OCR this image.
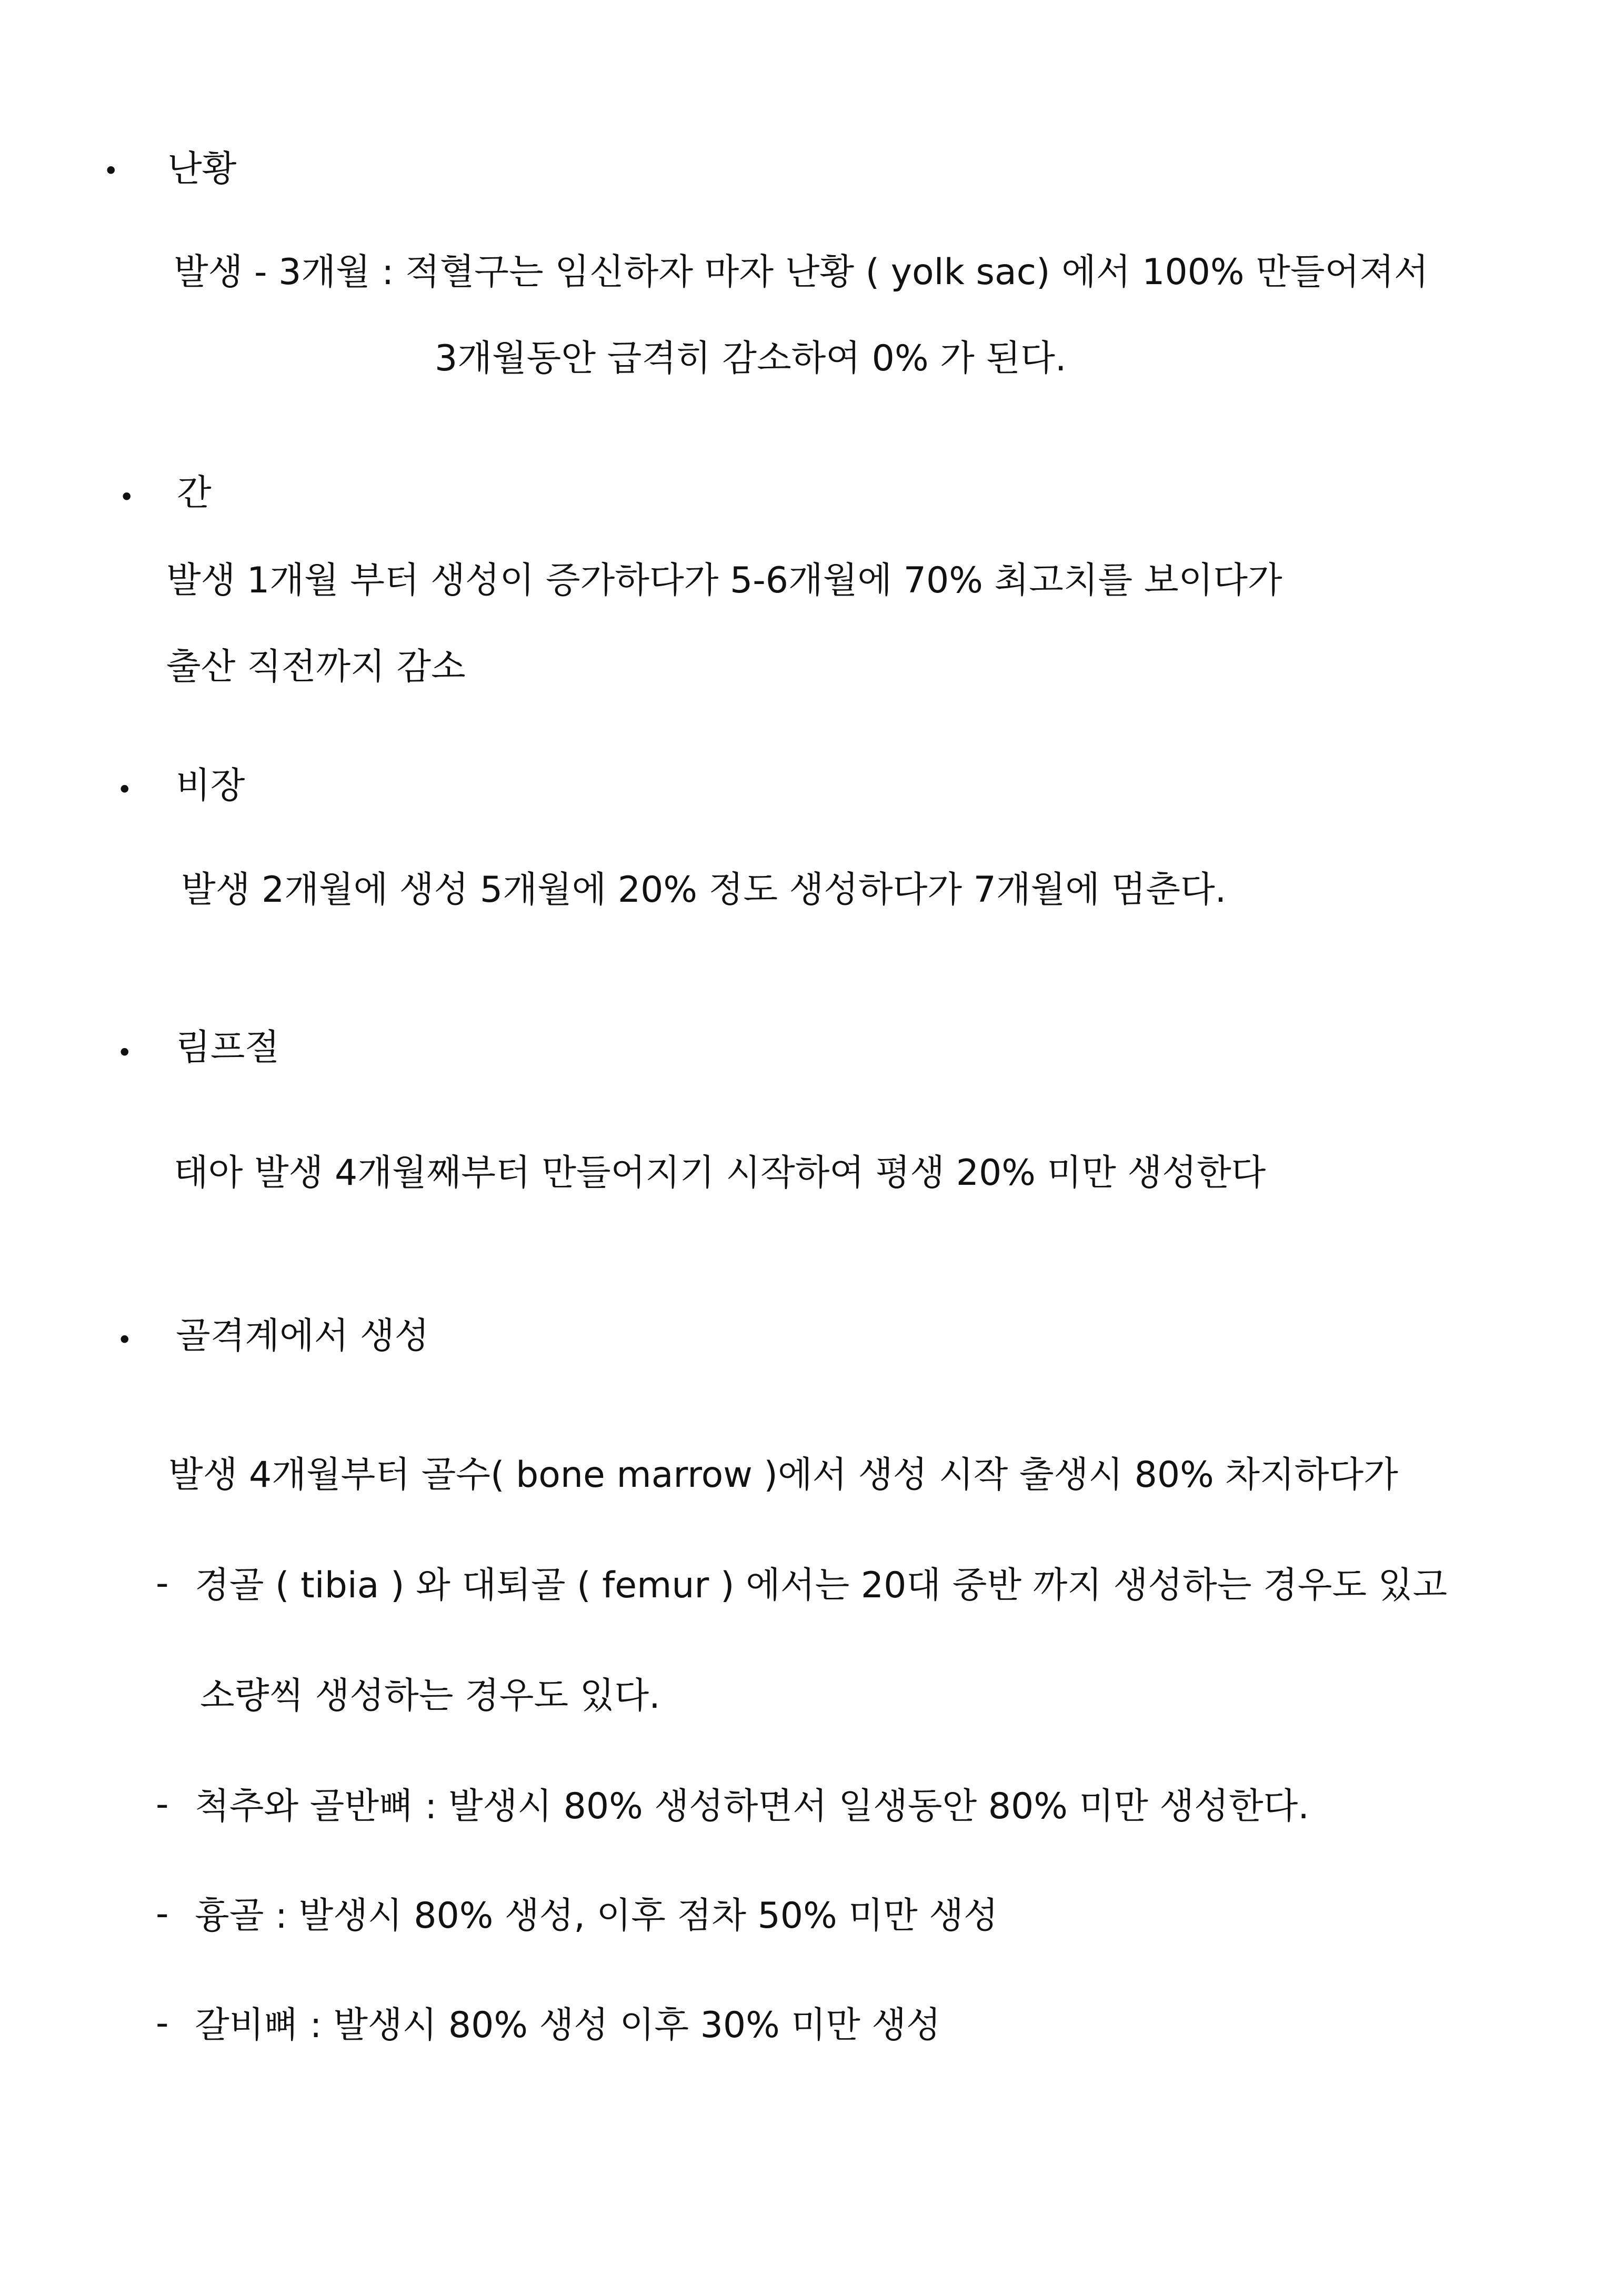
• 난황
발생 - 3개월 : 적혈구는 임신하자 마자 난황 ( yolk sac) 에서 100% 만들어져서
3개월동안 급격히 감소하여 0% 가 된다.
• 간
발생 1개월 부터 생성이 증가하다가 5-6개월에 70% 최고치를 보이다가
출산 직전까지 감소
• 비장
발생 2개월에 생성 5개월에 20% 정도 생성하다가 7개월에 멈춘다.
• 림프절
태아 발생 4개월째부터 만들어지기 시작하여 평생 20% 미만 생성한다
• 골격계에서 생성
발생 4개월부터 골수( bone marrow )에서 생성 시작 출생시 80% 차지하다가
- 경골 ( tibia ) 와 대퇴골 ( femur ) 에서는 20대 중반 까지 생성하는 경우도 있고
소량씩 생성하는 경우도 있다.
- 척추와 골반뼈 : 발생시 80% 생성하면서 일생동안 80% 미만 생성한다.
- 흉골 : 발생시 80% 생성, 이후 점차 50% 미만 생성
- 갈비뼈 : 발생시 80% 생성 이후 30% 미만 생성
